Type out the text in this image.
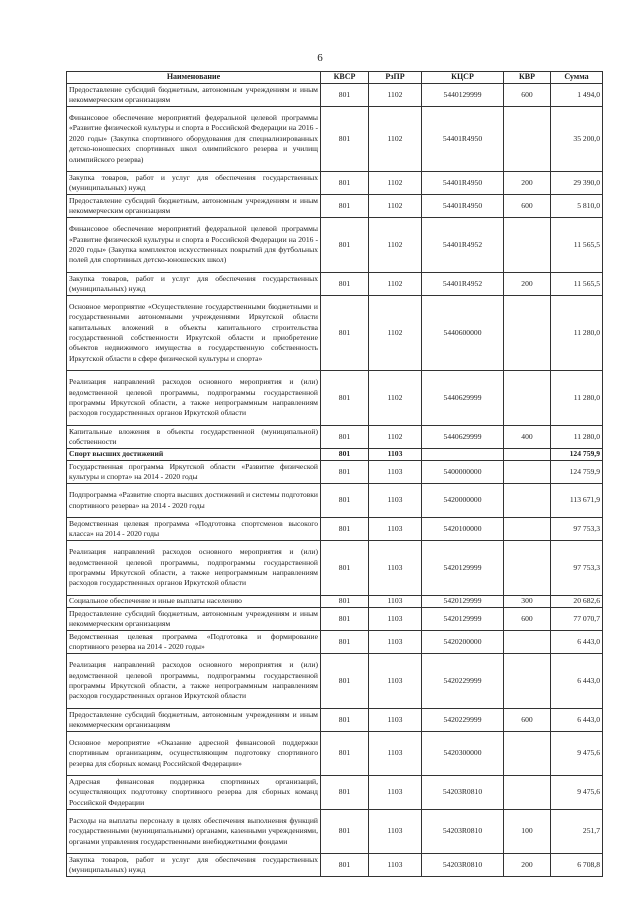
6
Наименование	КВСР	РзПР	КЦСР	КВР	Сумма
Предоставление субсидий бюджетным, автономным учреждениям и иным некоммерческим организациям	801	1102	5440129999	600	1 494,0
Финансовое обеспечение мероприятий федеральной целевой программы «Развитие физической культуры и спорта в Российской Федерации на 2016 - 2020 годы» (Закупка спортивного оборудования для специализированных детско-юношеских спортивных школ олимпийского резерва и училищ олимпийского резерва)	801	1102	54401R4950		35 200,0
Закупка товаров, работ и услуг для обеспечения государственных (муниципальных) нужд	801	1102	54401R4950	200	29 390,0
Предоставление субсидий бюджетным, автономным учреждениям и иным некоммерческим организациям	801	1102	54401R4950	600	5 810,0
Финансовое обеспечение мероприятий федеральной целевой программы «Развитие физической культуры и спорта в Российской Федерации на 2016 - 2020 годы» (Закупка комплектов искусственных покрытий для футбольных полей для спортивных детско-юношеских школ)	801	1102	54401R4952		11 565,5
Закупка товаров, работ и услуг для обеспечения государственных (муниципальных) нужд	801	1102	54401R4952	200	11 565,5
Основное мероприятие «Осуществление государственными бюджетными и государственными автономными учреждениями Иркутской области капитальных вложений в объекты капитального строительства государственной собственности Иркутской области и приобретение объектов недвижимого имущества в государственную собственность Иркутской области в сфере физической культуры и спорта»	801	1102	5440600000		11 280,0
Реализация направлений расходов основного мероприятия и (или) ведомственной целевой программы, подпрограммы государственной программы Иркутской области, а также непрограммным направлениям расходов государственных органов Иркутской области	801	1102	5440629999		11 280,0
Капитальные вложения в объекты государственной (муниципальной) собственности	801	1102	5440629999	400	11 280,0
Спорт высших достижений	801	1103			124 759,9
Государственная программа Иркутской области «Развитие физической культуры и спорта» на 2014 - 2020 годы	801	1103	5400000000		124 759,9
Подпрограмма «Развитие спорта высших достижений и системы подготовки спортивного резерва» на 2014 - 2020 годы	801	1103	5420000000		113 671,9
Ведомственная целевая программа «Подготовка спортсменов высокого класса» на 2014 - 2020 годы	801	1103	5420100000		97 753,3
Реализация направлений расходов основного мероприятия и (или) ведомственной целевой программы, подпрограммы государственной программы Иркутской области, а также непрограммным направлениям расходов государственных органов Иркутской области	801	1103	5420129999		97 753,3
Социальное обеспечение и иные выплаты населению	801	1103	5420129999	300	20 682,6
Предоставление субсидий бюджетным, автономным учреждениям и иным некоммерческим организациям	801	1103	5420129999	600	77 070,7
Ведомственная целевая программа «Подготовка и формирование спортивного резерва на 2014 - 2020 годы»	801	1103	5420200000		6 443,0
Реализация направлений расходов основного мероприятия и (или) ведомственной целевой программы, подпрограммы государственной программы Иркутской области, а также непрограммным направлениям расходов государственных органов Иркутской области	801	1103	5420229999		6 443,0
Предоставление субсидий бюджетным, автономным учреждениям и иным некоммерческим организациям	801	1103	5420229999	600	6 443,0
Основное мероприятие «Оказание адресной финансовой поддержки спортивным организациям, осуществляющим подготовку спортивного резерва для сборных команд Российской Федерации»	801	1103	5420300000		9 475,6
Адресная финансовая поддержка спортивных организаций, осуществляющих подготовку спортивного резерва для сборных команд Российской Федерации	801	1103	54203R0810		9 475,6
Расходы на выплаты персоналу в целях обеспечения выполнения функций государственными (муниципальными) органами, казенными учреждениями, органами управления государственными внебюджетными фондами	801	1103	54203R0810	100	251,7
Закупка товаров, работ и услуг для обеспечения государственных (муниципальных) нужд	801	1103	54203R0810	200	6 708,8
